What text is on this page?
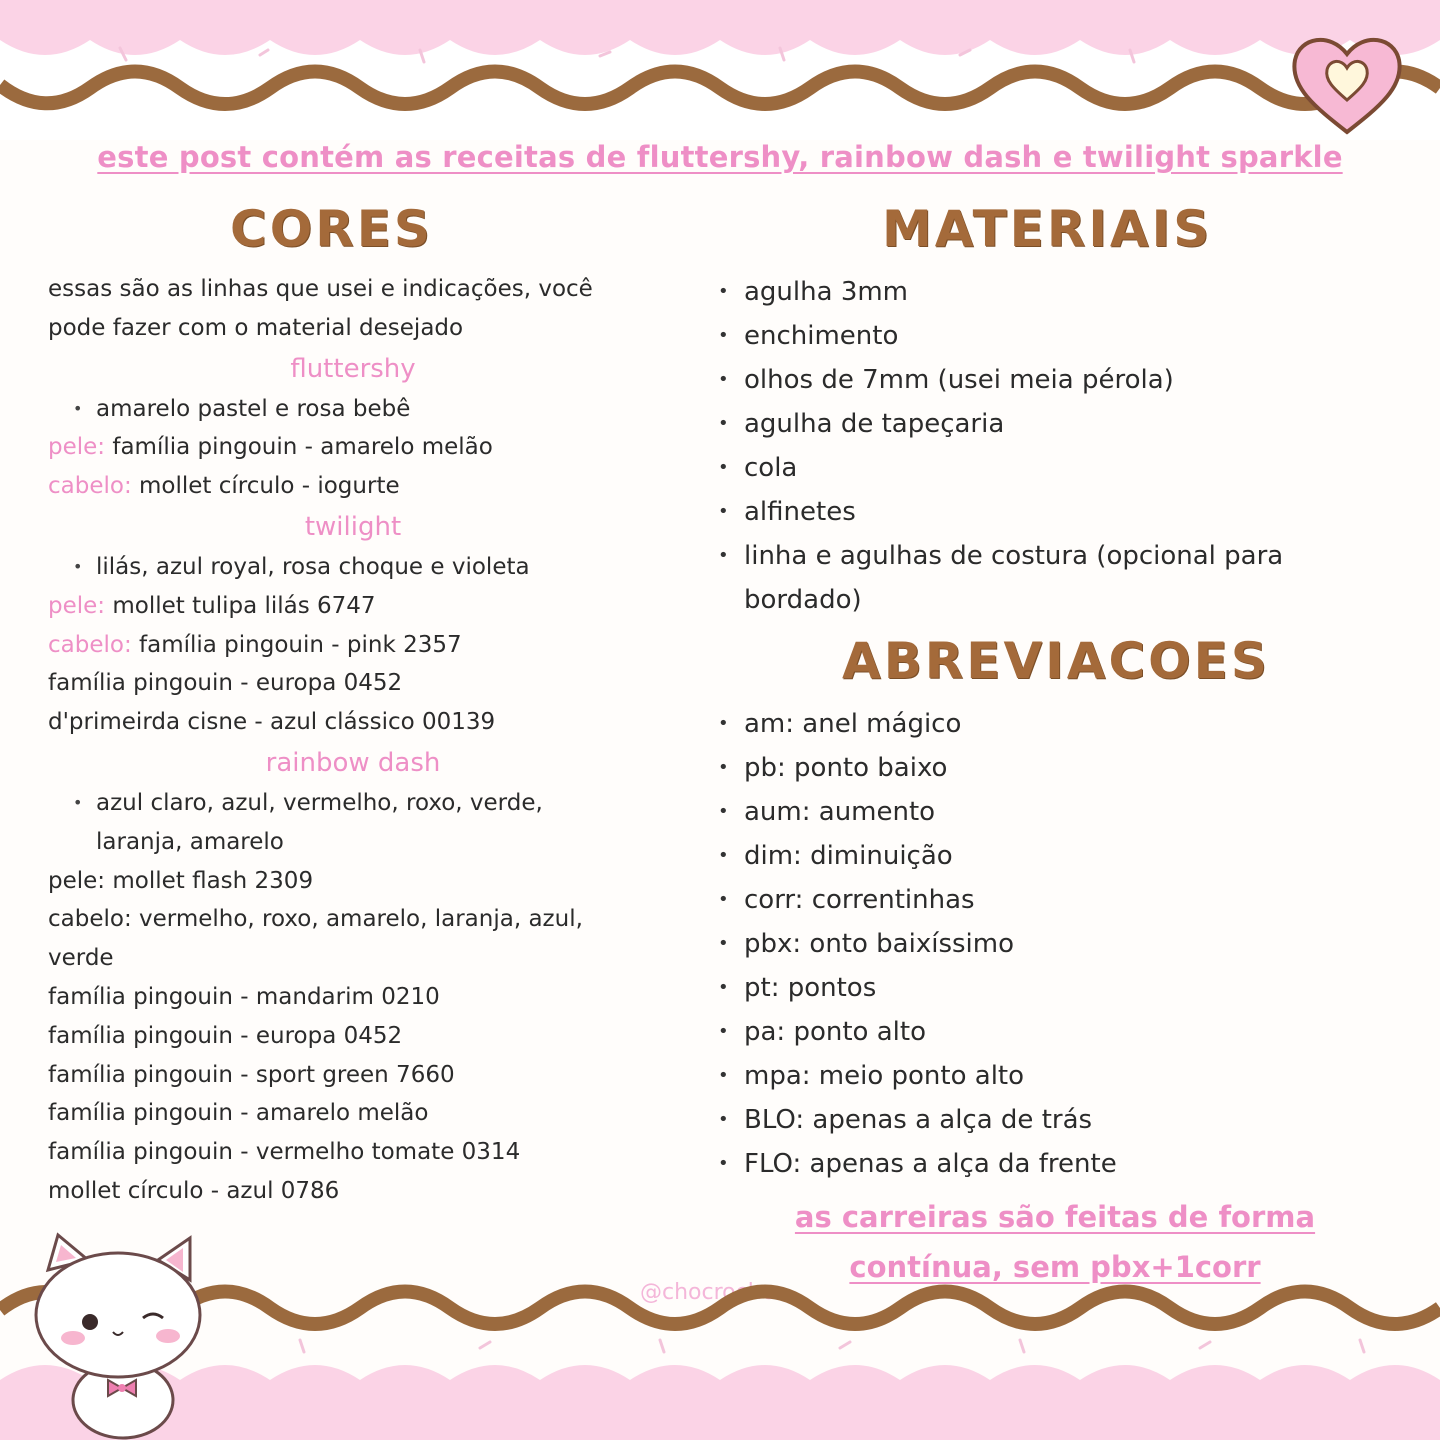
este post contém as receitas de fluttershy, rainbow dash e twilight sparkle
CORES	MATERIAIS
ABREVIACOES

essas são as linhas que usei e indicações, você

pode fazer com o material desejado

fluttershy

• amarelo pastel e rosa bebê

pele: família pingouin - amarelo melão

cabelo: mollet círculo - iogurte

twilight

• lilás, azul royal, rosa choque e violeta

pele: mollet tulipa lilás 6747

cabelo: família pingouin - pink 2357

família pingouin - europa 0452

d'primeirda cisne - azul clássico 00139

rainbow dash

• azul claro, azul, vermelho, roxo, verde,

laranja, amarelo

pele: mollet flash 2309

cabelo: vermelho, roxo, amarelo, laranja, azul,

verde

família pingouin - mandarim 0210

família pingouin - europa 0452

família pingouin - sport green 7660

família pingouin - amarelo melão

família pingouin - vermelho tomate 0314

mollet círculo - azul 0786

• agulha 3mm
• enchimento
• olhos de 7mm (usei meia pérola)
• agulha de tapeçaria
• cola
• alfinetes
• linha e agulhas de costura (opcional para
bordado)
• am: anel mágico
• pb: ponto baixo
• aum: aumento
• dim: diminuição
• corr: correntinhas
• pbx: onto baixíssimo
• pt: pontos
• pa: ponto alto
• mpa: meio ponto alto
• BLO: apenas a alça de trás
• FLO: apenas a alça da frente
as carreiras são feitas de forma
contínua, sem pbx+1corr
@chocroche
